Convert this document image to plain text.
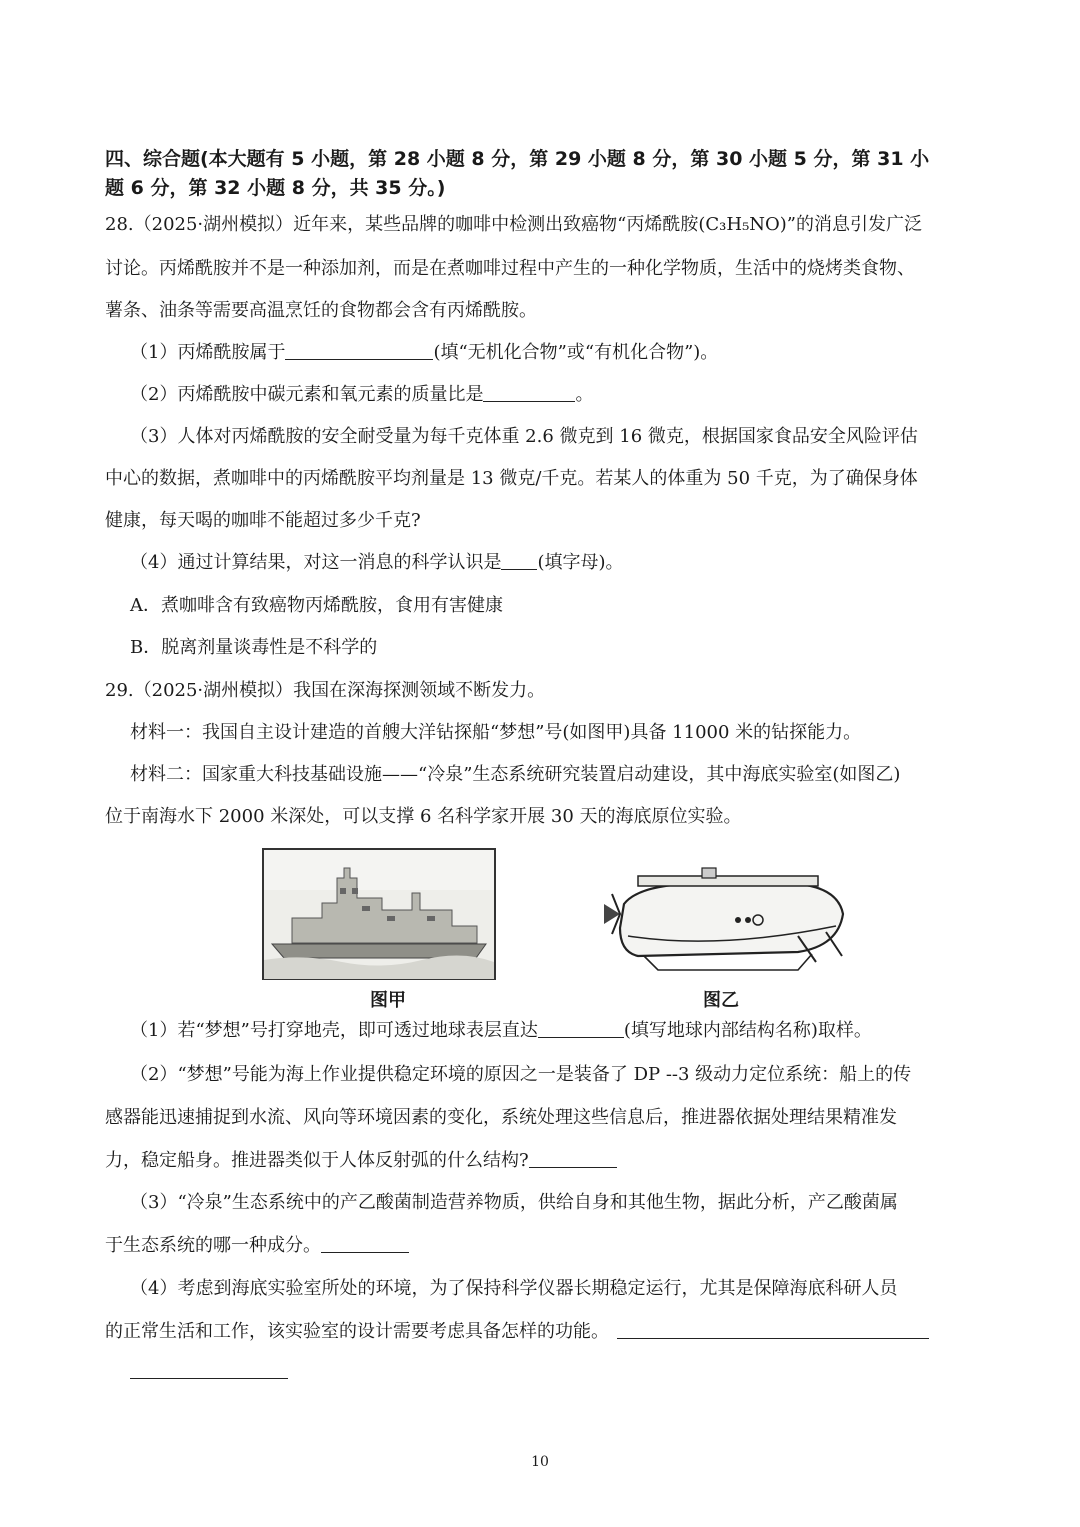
四、综合题(本大题有 5 小题，第 28 小题 8 分，第 29 小题 8 分，第 30 小题 5 分，第 31 小
题 6 分，第 32 小题 8 分，共 35 分。)
28.（2025·湖州模拟）近年来，某些品牌的咖啡中检测出致癌物“丙烯酰胺(C₃H₅NO)”的消息引发广泛
讨论。丙烯酰胺并不是一种添加剂，而是在煮咖啡过程中产生的一种化学物质，生活中的烧烤类食物、
薯条、油条等需要高温烹饪的食物都会含有丙烯酰胺。
（1）丙烯酰胺属于	(填“无机化合物”或“有机化合物”)。
（2）丙烯酰胺中碳元素和氧元素的质量比是	。
（3）人体对丙烯酰胺的安全耐受量为每千克体重 2.6 微克到 16 微克，根据国家食品安全风险评估
中心的数据，煮咖啡中的丙烯酰胺平均剂量是 13 微克/千克。若某人的体重为 50 千克，为了确保身体
健康，每天喝的咖啡不能超过多少千克?
（4）通过计算结果，对这一消息的科学认识是 (填字母)。
A．煮咖啡含有致癌物丙烯酰胺，食用有害健康
B．脱离剂量谈毒性是不科学的
29.（2025·湖州模拟）我国在深海探测领域不断发力。
材料一：我国自主设计建造的首艘大洋钻探船“梦想”号(如图甲)具备 11000 米的钻探能力。
材料二：国家重大科技基础设施——“冷泉”生态系统研究装置启动建设，其中海底实验室(如图乙)
位于南海水下 2000 米深处，可以支撑 6 名科学家开展 30 天的海底原位实验。
图甲	图乙
（1）若“梦想”号打穿地壳，即可透过地球表层直达	(填写地球内部结构名称)取样。
（2）“梦想”号能为海上作业提供稳定环境的原因之一是装备了 DP --3 级动力定位系统：船上的传
感器能迅速捕捉到水流、风向等环境因素的变化，系统处理这些信息后，推进器依据处理结果精准发
力，稳定船身。推进器类似于人体反射弧的什么结构?
（3）“冷泉”生态系统中的产乙酸菌制造营养物质，供给自身和其他生物，据此分析，产乙酸菌属
于生态系统的哪一种成分。
（4）考虑到海底实验室所处的环境，为了保持科学仪器长期稳定运行，尤其是保障海底科研人员
的正常生活和工作，该实验室的设计需要考虑具备怎样的功能。
10
